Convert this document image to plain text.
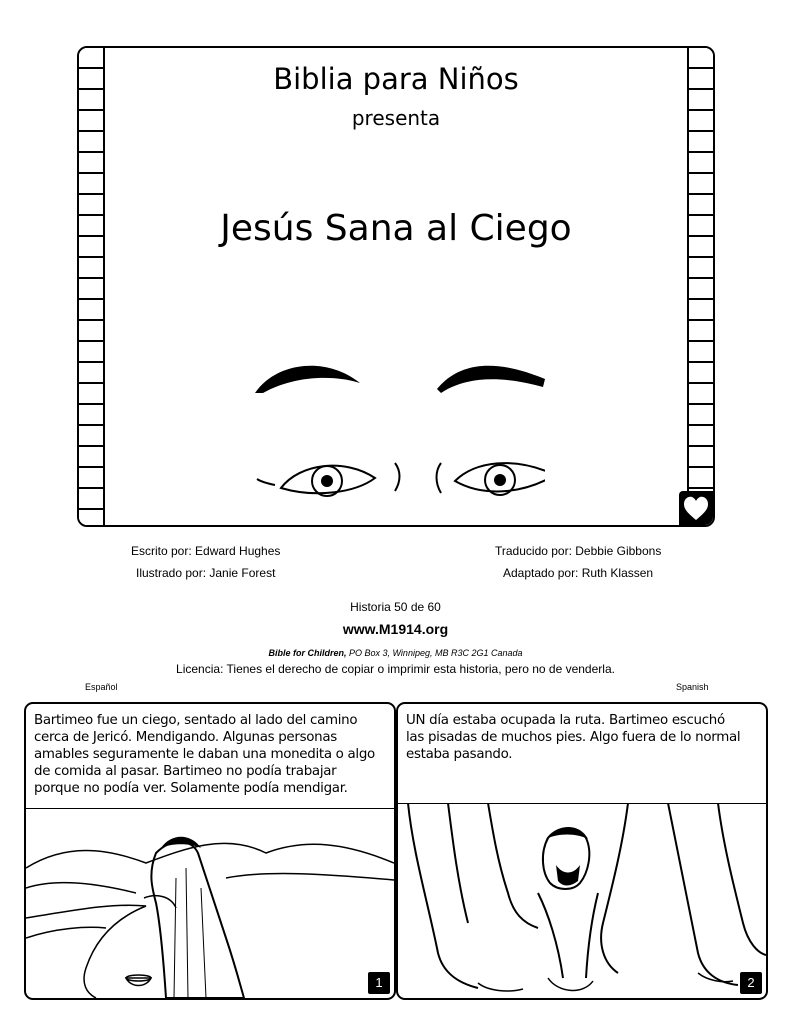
Biblia para Niños
presenta
Jesús Sana al Ciego
Escrito por: Edward Hughes
Ilustrado por: Janie Forest
Traducido por: Debbie Gibbons
Adaptado por: Ruth Klassen
Historia 50 de 60
www.M1914.org
Bible for Children, PO Box 3, Winnipeg, MB R3C 2G1 Canada
Licencia: Tienes el derecho de copiar o imprimir esta historia, pero no de venderla.
Español	Spanish
Bartimeo fue un ciego, sentado al lado del camino
cerca de Jericó. Mendigando. Algunas personas
amables seguramente le daban una monedita o algo
de comida al pasar. Bartimeo no podía trabajar
porque no podía ver. Solamente podía mendigar.
1
UN día estaba ocupada la ruta. Bartimeo escuchó
las pisadas de muchos pies. Algo fuera de lo normal
estaba pasando.
2
